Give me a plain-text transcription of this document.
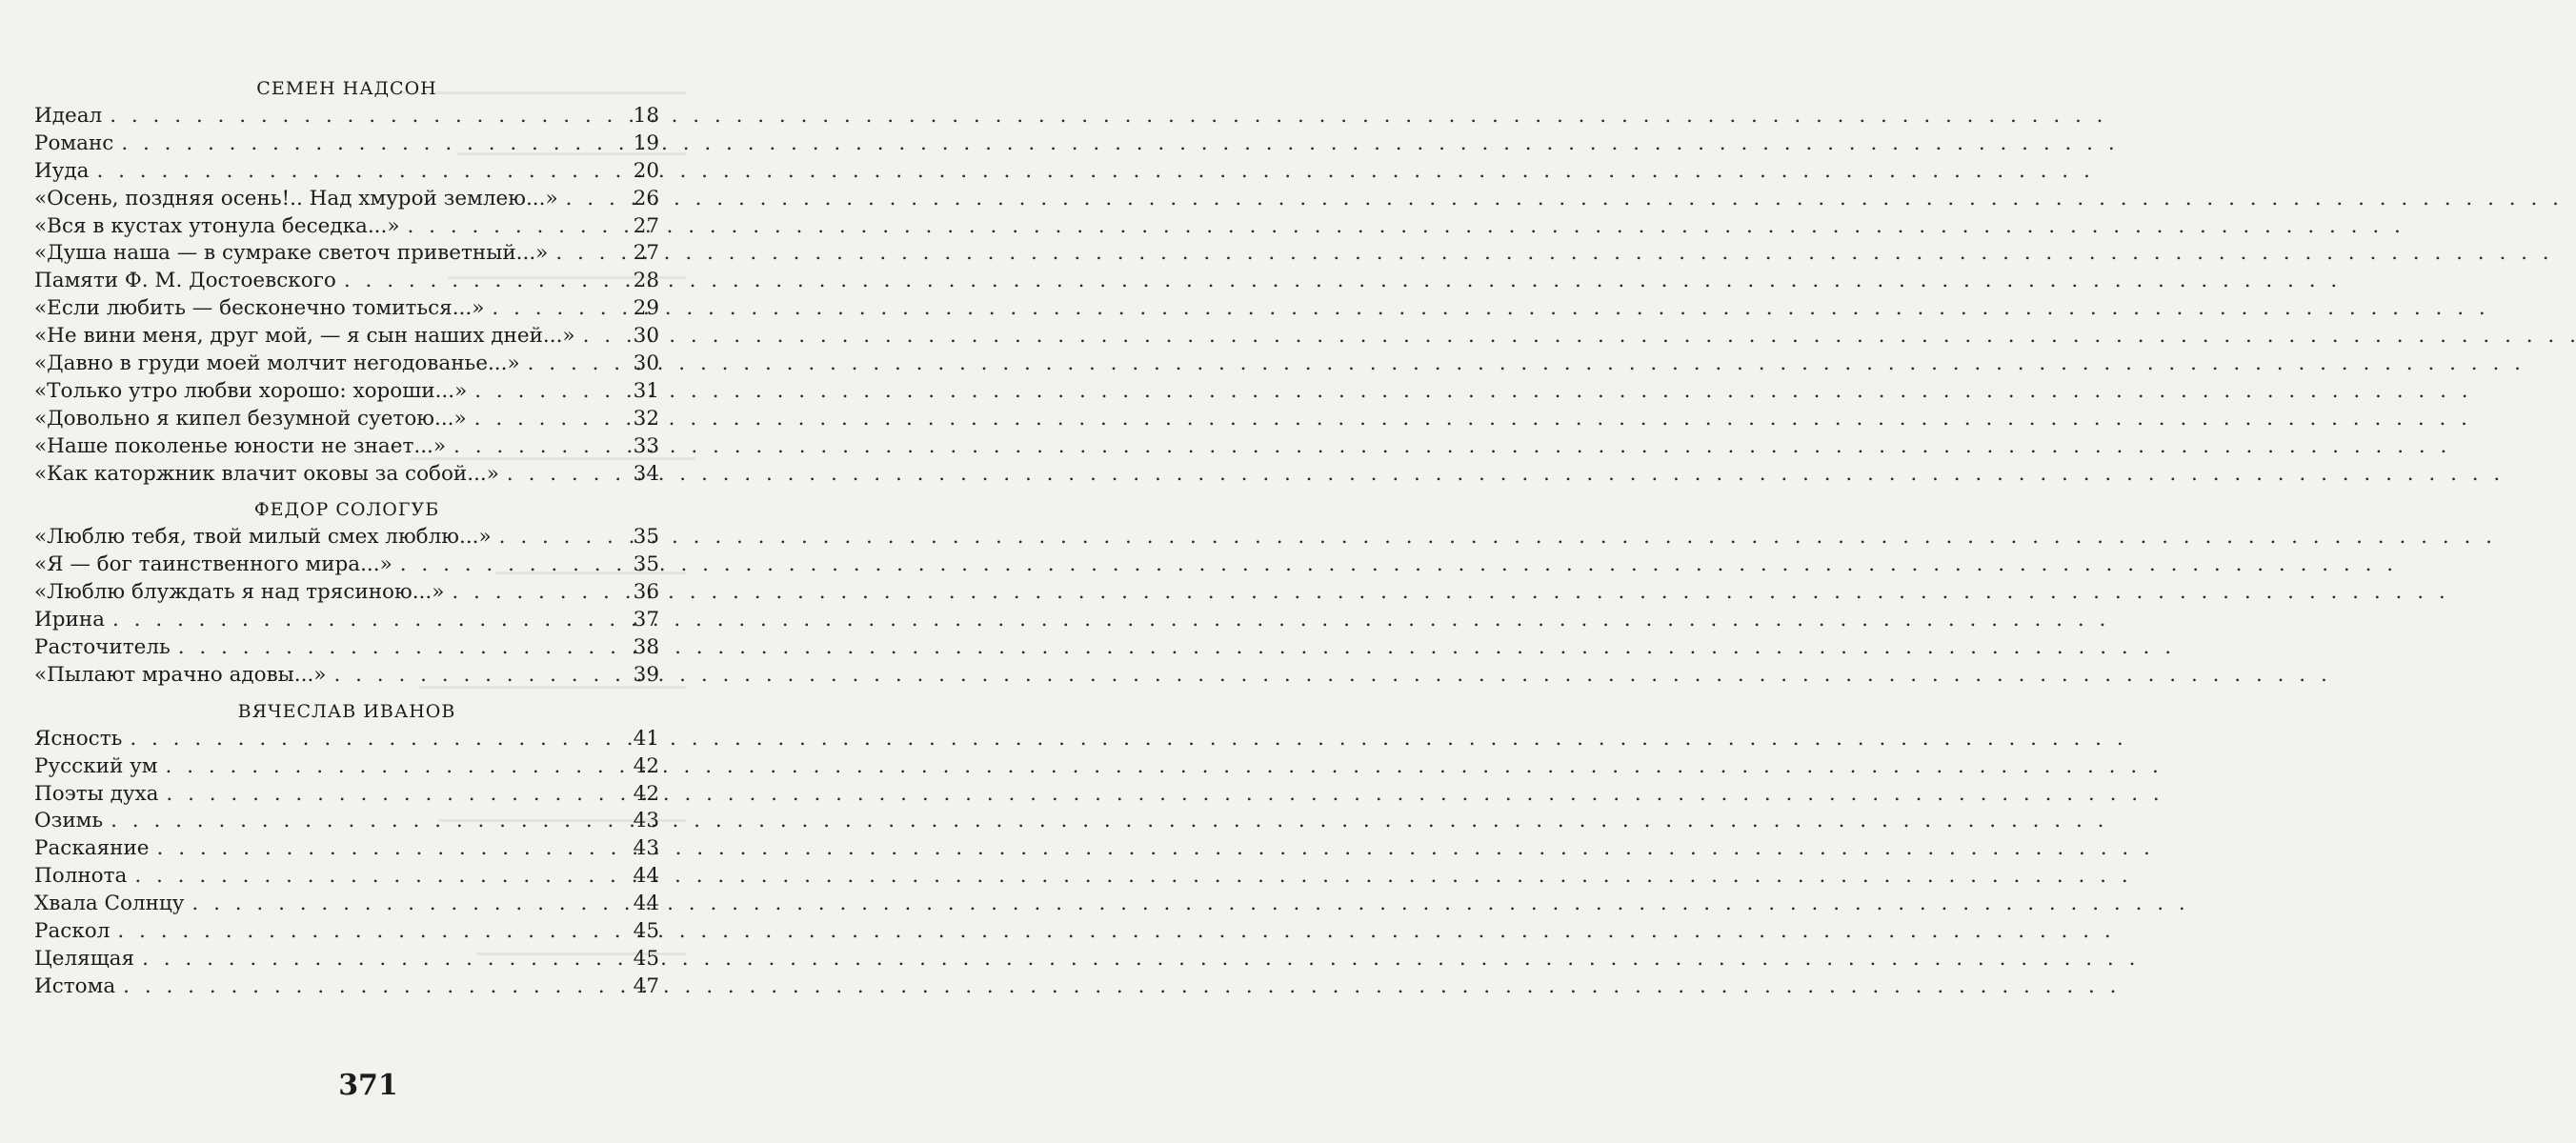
СЕМЕН НАДСОН
Идеал . . .	18
Романс . . .	19
Иуда . . .	20
«Осень, поздняя осень!.. Над хмурой землею...» . . .	26
«Вся в кустах утонула беседка...» . . .	27
«Душа наша — в сумраке светоч приветный...» . . .	27
Памяти Ф. М. Достоевского . . .	28
«Если любить — бесконечно томиться...» . . .	29
«Не вини меня, друг мой, — я сын наших дней...» . . .	30
«Давно в груди моей молчит негодованье...» . . .	30
«Только утро любви хорошо: хороши...» . . .	31
«Довольно я кипел безумной суетою...» . . .	32
«Наше поколенье юности не знает...» . . .	33
«Как каторжник влачит оковы за собой...» . . .	34
ФЕДОР СОЛОГУБ
«Люблю тебя, твой милый смех люблю...» . . .	35
«Я — бог таинственного мира...» . . .	35
«Люблю блуждать я над трясиною...» . . .	36
Ирина . . .	37
Расточитель . . .	38
«Пылают мрачно адовы...» . . .	39
ВЯЧЕСЛАВ ИВАНОВ
Ясность . . .	41
Русский ум . . .	42
Поэты духа . . .	42
Озимь . . .	43
Раскаяние . . .	43
Полнота . . .	44
Хвала Солнцу . . .	44
Раскол . . .	45
Целящая . . .	45
Истома . . .	47
371
